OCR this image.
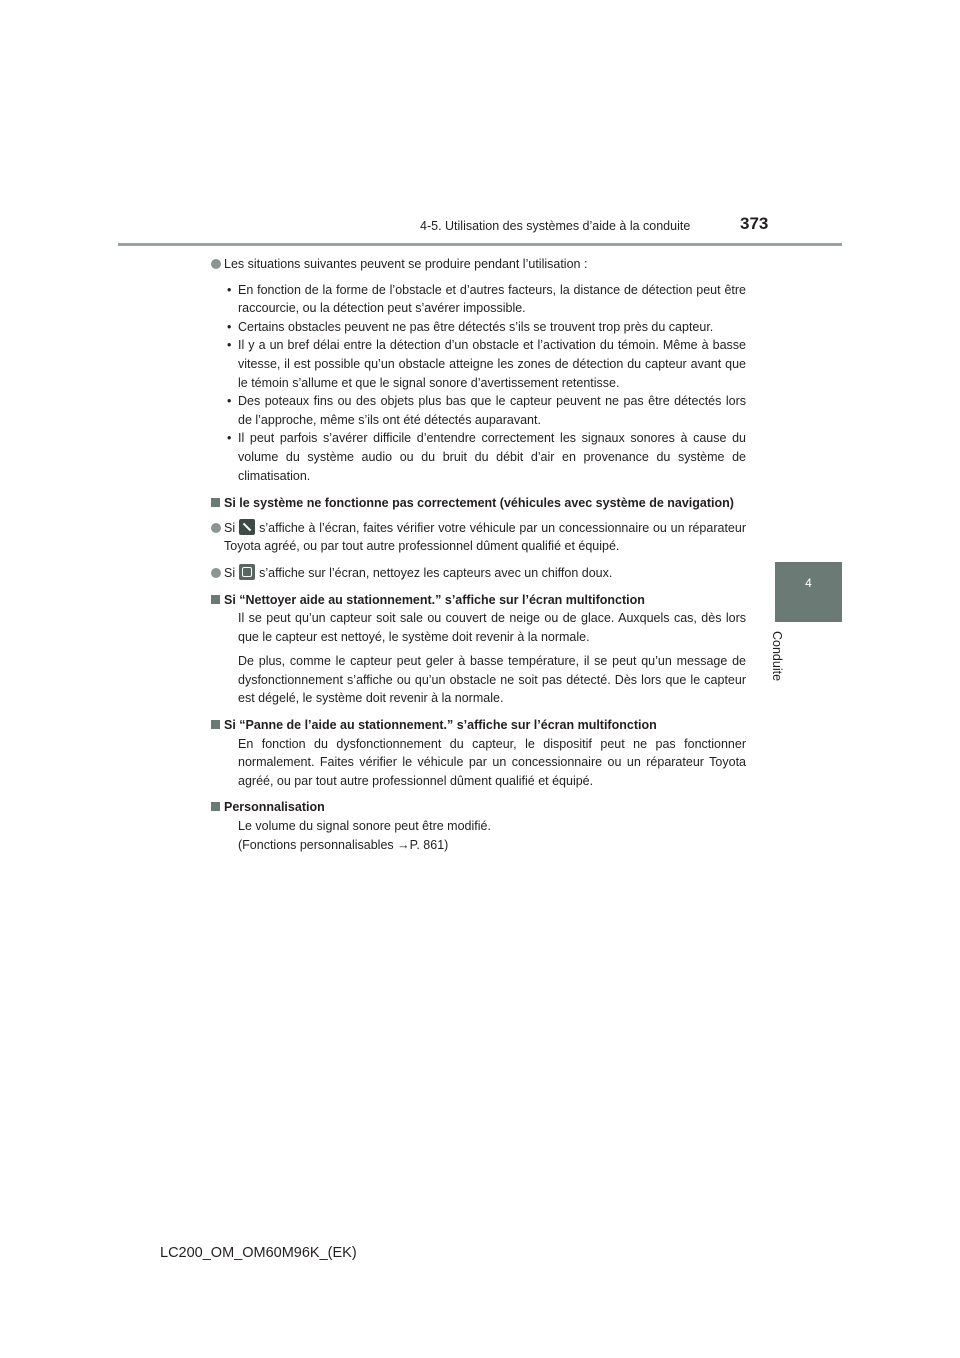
4-5. Utilisation des systèmes d’aide à la conduite	373
4
Conduite
Les situations suivantes peuvent se produire pendant l’utilisation :
• En fonction de la forme de l’obstacle et d’autres facteurs, la distance de détection peut être raccourcie, ou la détection peut s’avérer impossible.
• Certains obstacles peuvent ne pas être détectés s’ils se trouvent trop près du capteur.
• Il y a un bref délai entre la détection d’un obstacle et l’activation du témoin. Même à basse vitesse, il est possible qu’un obstacle atteigne les zones de détection du capteur avant que le témoin s’allume et que le signal sonore d’avertissement retentisse.
• Des poteaux fins ou des objets plus bas que le capteur peuvent ne pas être détectés lors de l’approche, même s’ils ont été détectés auparavant.
• Il peut parfois s’avérer difficile d’entendre correctement les signaux sonores à cause du volume du système audio ou du bruit du débit d’air en provenance du système de climatisation.
Si le système ne fonctionne pas correctement (véhicules avec système de navigation)
Si s’affiche à l’écran, faites vérifier votre véhicule par un concessionnaire ou un réparateur Toyota agréé, ou par tout autre professionnel dûment qualifié et équipé.
Si s’affiche sur l’écran, nettoyez les capteurs avec un chiffon doux.
Si “Nettoyer aide au stationnement.” s’affiche sur l’écran multifonction
Il se peut qu’un capteur soit sale ou couvert de neige ou de glace. Auxquels cas, dès lors que le capteur est nettoyé, le système doit revenir à la normale.
De plus, comme le capteur peut geler à basse température, il se peut qu’un message de dysfonctionnement s’affiche ou qu’un obstacle ne soit pas détecté. Dès lors que le capteur est dégelé, le système doit revenir à la normale.
Si “Panne de l’aide au stationnement.” s’affiche sur l’écran multifonction
En fonction du dysfonctionnement du capteur, le dispositif peut ne pas fonctionner normalement. Faites vérifier le véhicule par un concessionnaire ou un réparateur Toyota agréé, ou par tout autre professionnel dûment qualifié et équipé.
Personnalisation
Le volume du signal sonore peut être modifié.
(Fonctions personnalisables →P. 861)
LC200_OM_OM60M96K_(EK)
